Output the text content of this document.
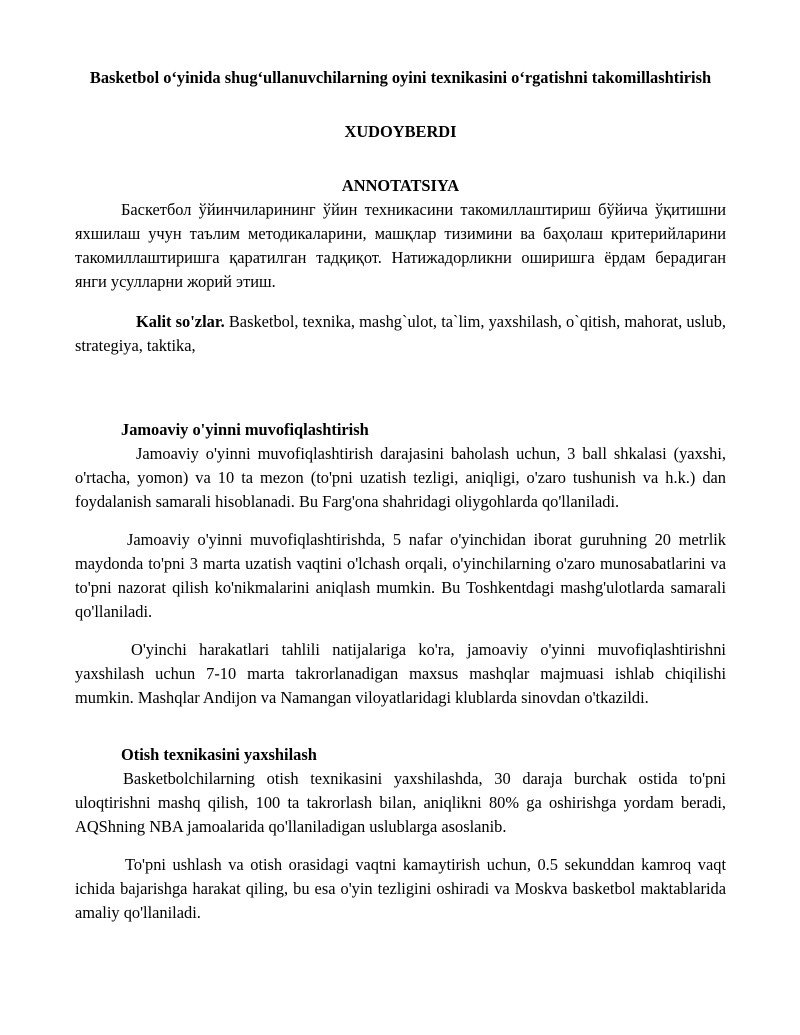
Basketbol o‘yinida shug‘ullanuvchilarning oyini texnikasini o‘rgatishni takomillashtirish
XUDOYBERDI
ANNOTATSIYA

Баскетбол ўйинчиларининг ўйин техникасини такомиллаштириш бўйича ўқитишни яхшилаш учун таълим методикаларини, машқлар тизимини ва баҳолаш критерийларини такомиллаштиришга қаратилган тадқиқот. Натижадорликни оширишга ёрдам берадиган янги усулларни жорий этиш.

Kalit so'zlar. Basketbol, texnika, mashg`ulot, ta`lim, yaxshilash, o`qitish, mahorat, uslub, strategiya, taktika,

Jamoaviy o'yinni muvofiqlashtirish

Jamoaviy o'yinni muvofiqlashtirish darajasini baholash uchun, 3 ball shkalasi (yaxshi, o'rtacha, yomon) va 10 ta mezon (to'pni uzatish tezligi, aniqligi, o'zaro tushunish va h.k.) dan foydalanish samarali hisoblanadi. Bu Farg'ona shahridagi oliygohlarda qo'llaniladi.

Jamoaviy o'yinni muvofiqlashtirishda, 5 nafar o'yinchidan iborat guruhning 20 metrlik maydonda to'pni 3 marta uzatish vaqtini o'lchash orqali, o'yinchilarning o'zaro munosabatlarini va to'pni nazorat qilish ko'nikmalarini aniqlash mumkin. Bu Toshkentdagi mashg'ulotlarda samarali qo'llaniladi.

O'yinchi harakatlari tahlili natijalariga ko'ra, jamoaviy o'yinni muvofiqlashtirishni yaxshilash uchun 7-10 marta takrorlanadigan maxsus mashqlar majmuasi ishlab chiqilishi mumkin. Mashqlar Andijon va Namangan viloyatlaridagi klublarda sinovdan o'tkazildi.

Otish texnikasini yaxshilash

Basketbolchilarning otish texnikasini yaxshilashda, 30 daraja burchak ostida to'pni uloqtirishni mashq qilish, 100 ta takrorlash bilan, aniqlikni 80% ga oshirishga yordam beradi, AQShning NBA jamoalarida qo'llaniladigan uslublarga asoslanib.

To'pni ushlash va otish orasidagi vaqtni kamaytirish uchun, 0.5 sekunddan kamroq vaqt ichida bajarishga harakat qiling, bu esa o'yin tezligini oshiradi va Moskva basketbol maktablarida amaliy qo'llaniladi.
